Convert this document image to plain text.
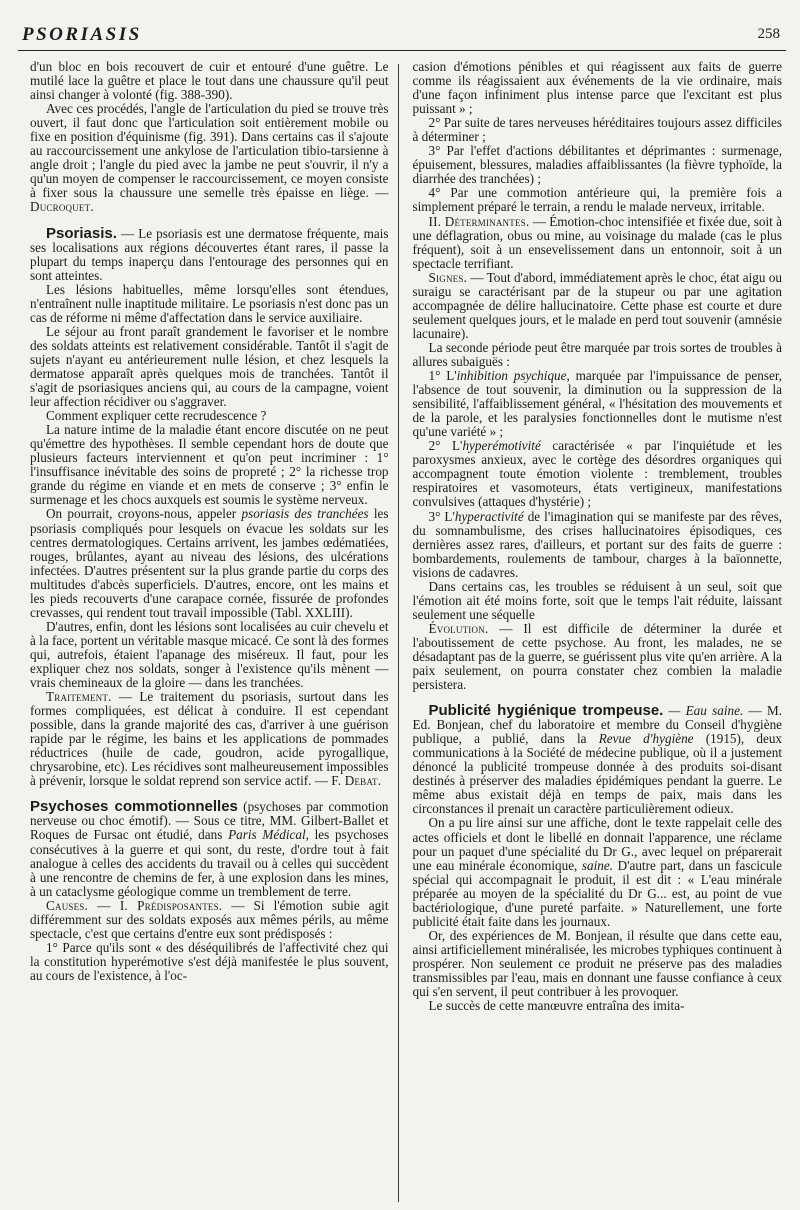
PSORIASIS	258

d'un bloc en bois recouvert de cuir et entouré d'une guêtre. Le mutilé lace la guêtre et place le tout dans une chaussure qu'il peut ainsi changer à volonté (fig. 388-390).

Avec ces procédés, l'angle de l'articulation du pied se trouve très ouvert, il faut donc que l'articulation soit entièrement mobile ou fixe en position d'équinisme (fig. 391). Dans certains cas il s'ajoute au raccourcissement une ankylose de l'articulation tibio-tarsienne à angle droit ; l'angle du pied avec la jambe ne peut s'ouvrir, il n'y a qu'un moyen de compenser le raccourcissement, ce moyen consiste à fixer sous la chaussure une semelle très épaisse en liège. — Ducroquet.

Psoriasis. — Le psoriasis est une dermatose fréquente, mais ses localisations aux régions découvertes étant rares, il passe la plupart du temps inaperçu dans l'entourage des personnes qui en sont atteintes.

Les lésions habituelles, même lorsqu'elles sont étendues, n'entraînent nulle inaptitude militaire. Le psoriasis n'est donc pas un cas de réforme ni même d'affectation dans le service auxiliaire.

Le séjour au front paraît grandement le favoriser et le nombre des soldats atteints est relativement considérable. Tantôt il s'agit de sujets n'ayant eu antérieurement nulle lésion, et chez lesquels la dermatose apparaît après quelques mois de tranchées. Tantôt il s'agit de psoriasiques anciens qui, au cours de la campagne, voient leur affection récidiver ou s'aggraver.

Comment expliquer cette recrudescence ?

La nature intime de la maladie étant encore discutée on ne peut qu'émettre des hypothèses. Il semble cependant hors de doute que plusieurs facteurs interviennent et qu'on peut incriminer : 1° l'insuffisance inévitable des soins de propreté ; 2° la richesse trop grande du régime en viande et en mets de conserve ; 3° enfin le surmenage et les chocs auxquels est soumis le système nerveux.

On pourrait, croyons-nous, appeler psoriasis des tranchées les psoriasis compliqués pour lesquels on évacue les soldats sur les centres dermatologiques. Certains arrivent, les jambes œdématiées, rouges, brûlantes, ayant au niveau des lésions, des ulcérations infectées. D'autres présentent sur la plus grande partie du corps des multitudes d'abcès superficiels. D'autres, encore, ont les mains et les pieds recouverts d'une carapace cornée, fissurée de profondes crevasses, qui rendent tout travail impossible (Tabl. XXLIII).

D'autres, enfin, dont les lésions sont localisées au cuir chevelu et à la face, portent un véritable masque micacé. Ce sont là des formes qui, autrefois, étaient l'apanage des miséreux. Il faut, pour les expliquer chez nos soldats, songer à l'existence qu'ils mènent — vrais chemineaux de la gloire — dans les tranchées.

Traitement. — Le traitement du psoriasis, surtout dans les formes compliquées, est délicat à conduire. Il est cependant possible, dans la grande majorité des cas, d'arriver à une guérison rapide par le régime, les bains et les applications de pommades réductrices (huile de cade, goudron, acide pyrogallique, chrysarobine, etc). Les récidives sont malheureusement impossibles à prévenir, lorsque le soldat reprend son service actif. — F. Debat.

Psychoses commotionnelles (psychoses par commotion nerveuse ou choc émotif). — Sous ce titre, MM. Gilbert-Ballet et Roques de Fursac ont étudié, dans Paris Médical, les psychoses consécutives à la guerre et qui sont, du reste, d'ordre tout à fait analogue à celles des accidents du travail ou à celles qui succèdent à une rencontre de chemins de fer, à une explosion dans les mines, à un cataclysme géologique comme un tremblement de terre.

Causes. — I. Prédisposantes. — Si l'émotion subie agit différemment sur des soldats exposés aux mêmes périls, au même spectacle, c'est que certains d'entre eux sont prédisposés :

1° Parce qu'ils sont « des déséquilibrés de l'affectivité chez qui la constitution hyperémotive s'est déjà manifestée le plus souvent, au cours de l'existence, à l'oc-

casion d'émotions pénibles et qui réagissent aux faits de guerre comme ils réagissaient aux événements de la vie ordinaire, mais d'une façon infiniment plus intense parce que l'excitant est plus puissant » ;

2° Par suite de tares nerveuses héréditaires toujours assez difficiles à déterminer ;

3° Par l'effet d'actions débilitantes et déprimantes : surmenage, épuisement, blessures, maladies affaiblissantes (la fièvre typhoïde, la diarrhée des tranchées) ;

4° Par une commotion antérieure qui, la première fois a simplement préparé le terrain, a rendu le malade nerveux, irritable.

II. Déterminantes. — Émotion-choc intensifiée et fixée due, soit à une déflagration, obus ou mine, au voisinage du malade (cas le plus fréquent), soit à un ensevelissement dans un entonnoir, soit à un spectacle terrifiant.

Signes. — Tout d'abord, immédiatement après le choc, état aigu ou suraigu se caractérisant par de la stupeur ou par une agitation accompagnée de délire hallucinatoire. Cette phase est courte et dure seulement quelques jours, et le malade en perd tout souvenir (amnésie lacunaire).

La seconde période peut être marquée par trois sortes de troubles à allures subaiguës :

1° L'inhibition psychique, marquée par l'impuissance de penser, l'absence de tout souvenir, la diminution ou la suppression de la sensibilité, l'affaiblissement général, « l'hésitation des mouvements et de la parole, et les paralysies fonctionnelles dont le mutisme n'est qu'une variété » ;

2° L'hyperémotivité caractérisée « par l'inquiétude et les paroxysmes anxieux, avec le cortège des désordres organiques qui accompagnent toute émotion violente : tremblement, troubles respiratoires et vasomoteurs, états vertigineux, manifestations convulsives (attaques d'hystérie) ;

3° L'hyperactivité de l'imagination qui se manifeste par des rêves, du somnambulisme, des crises hallucinatoires épisodiques, ces dernières assez rares, d'ailleurs, et portant sur des faits de guerre : bombardements, roulements de tambour, charges à la baïonnette, visions de cadavres.

Dans certains cas, les troubles se réduisent à un seul, soit que l'émotion ait été moins forte, soit que le temps l'ait réduite, laissant seulement une séquelle

Évolution. — Il est difficile de déterminer la durée et l'aboutissement de cette psychose. Au front, les malades, ne se désadaptant pas de la guerre, se guérissent plus vite qu'en arrière. A la paix seulement, on pourra constater chez combien la maladie persistera.

Publicité hygiénique trompeuse. — Eau saine. — M. Ed. Bonjean, chef du laboratoire et membre du Conseil d'hygiène publique, a publié, dans la Revue d'hygiène (1915), deux communications à la Société de médecine publique, où il a justement dénoncé la publicité trompeuse donnée à des produits soi-disant destinés à préserver des maladies épidémiques pendant la guerre. Le même abus existait déjà en temps de paix, mais dans les circonstances il prenait un caractère particulièrement odieux.

On a pu lire ainsi sur une affiche, dont le texte rappelait celle des actes officiels et dont le libellé en donnait l'apparence, une réclame pour un paquet d'une spécialité du Dr G., avec lequel on préparerait une eau minérale économique, saine. D'autre part, dans un fascicule spécial qui accompagnait le produit, il est dit : « L'eau minérale préparée au moyen de la spécialité du Dr G... est, au point de vue bactériologique, d'une pureté parfaite. » Naturellement, une forte publicité était faite dans les journaux.

Or, des expériences de M. Bonjean, il résulte que dans cette eau, ainsi artificiellement minéralisée, les microbes typhiques continuent à prospérer. Non seulement ce produit ne préserve pas des maladies transmissibles par l'eau, mais en donnant une fausse confiance à ceux qui s'en servent, il peut contribuer à les provoquer.

Le succès de cette manœuvre entraîna des imita-
